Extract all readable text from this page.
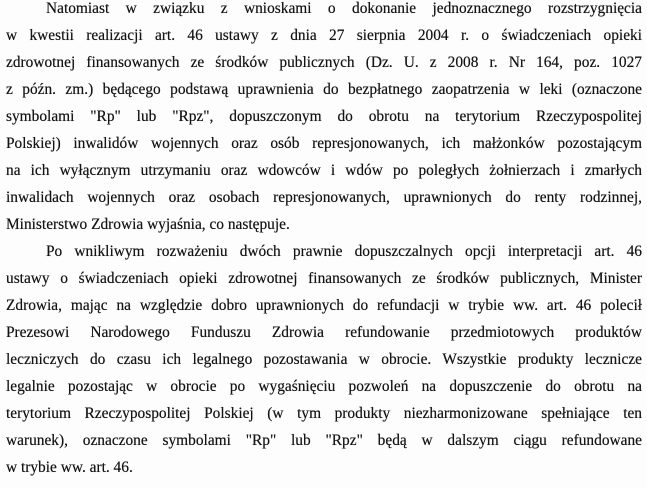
Natomiast w związku z wnioskami o dokonanie jednoznacznego rozstrzygnięcia
w kwestii realizacji art. 46 ustawy z dnia 27 sierpnia 2004 r. o świadczeniach opieki
zdrowotnej finansowanych ze środków publicznych (Dz. U. z 2008 r. Nr 164, poz. 1027
z późn. zm.) będącego podstawą uprawnienia do bezpłatnego zaopatrzenia w leki (oznaczone
symbolami "Rp" lub "Rpz", dopuszczonym do obrotu na terytorium Rzeczypospolitej
Polskiej) inwalidów wojennych oraz osób represjonowanych, ich małżonków pozostającym
na ich wyłącznym utrzymaniu oraz wdowców i wdów po poległych żołnierzach i zmarłych
inwalidach wojennych oraz osobach represjonowanych, uprawnionych do renty rodzinnej,
Ministerstwo Zdrowia wyjaśnia, co następuje.
Po wnikliwym rozważeniu dwóch prawnie dopuszczalnych opcji interpretacji art. 46
ustawy o świadczeniach opieki zdrowotnej finansowanych ze środków publicznych, Minister
Zdrowia, mając na względzie dobro uprawnionych do refundacji w trybie ww. art. 46 polecił
Prezesowi Narodowego Funduszu Zdrowia refundowanie przedmiotowych produktów
leczniczych do czasu ich legalnego pozostawania w obrocie. Wszystkie produkty lecznicze
legalnie pozostając w obrocie po wygaśnięciu pozwoleń na dopuszczenie do obrotu na
terytorium Rzeczypospolitej Polskiej (w tym produkty niezharmonizowane spełniające ten
warunek), oznaczone symbolami "Rp" lub "Rpz" będą w dalszym ciągu refundowane
w trybie ww. art. 46.
